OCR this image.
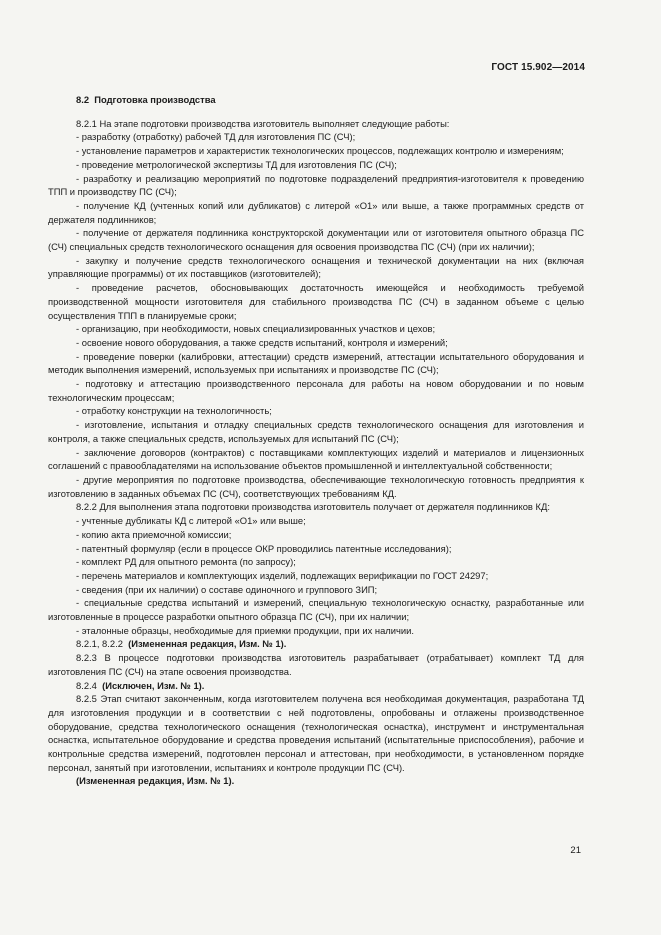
ГОСТ 15.902—2014

8.2 Подготовка производства

8.2.1 На этапе подготовки производства изготовитель выполняет следующие работы:

- разработку (отработку) рабочей ТД для изготовления ПС (СЧ);

- установление параметров и характеристик технологических процессов, подлежащих контролю и измерениям;

- проведение метрологической экспертизы ТД для изготовления ПС (СЧ);

- разработку и реализацию мероприятий по подготовке подразделений предприятия-изготовителя к проведению ТПП и производству ПС (СЧ);

- получение КД (учтенных копий или дубликатов) с литерой «О1» или выше, а также программных средств от держателя подлинников;

- получение от держателя подлинника конструкторской документации или от изготовителя опытного образца ПС (СЧ) специальных средств технологического оснащения для освоения производства ПС (СЧ) (при их наличии);

- закупку и получение средств технологического оснащения и технической документации на них (включая управляющие программы) от их поставщиков (изготовителей);

- проведение расчетов, обосновывающих достаточность имеющейся и необходимость требуемой производственной мощности изготовителя для стабильного производства ПС (СЧ) в заданном объеме с целью осуществления ТПП в планируемые сроки;

- организацию, при необходимости, новых специализированных участков и цехов;

- освоение нового оборудования, а также средств испытаний, контроля и измерений;

- проведение поверки (калибровки, аттестации) средств измерений, аттестации испытательного оборудования и методик выполнения измерений, используемых при испытаниях и производстве ПС (СЧ);

- подготовку и аттестацию производственного персонала для работы на новом оборудовании и по новым технологическим процессам;

- отработку конструкции на технологичность;

- изготовление, испытания и отладку специальных средств технологического оснащения для изготовления и контроля, а также специальных средств, используемых для испытаний ПС (СЧ);

- заключение договоров (контрактов) с поставщиками комплектующих изделий и материалов и лицензионных соглашений с правообладателями на использование объектов промышленной и интеллектуальной собственности;

- другие мероприятия по подготовке производства, обеспечивающие технологическую готовность предприятия к изготовлению в заданных объемах ПС (СЧ), соответствующих требованиям КД.

8.2.2 Для выполнения этапа подготовки производства изготовитель получает от держателя подлинников КД:

- учтенные дубликаты КД с литерой «О1» или выше;

- копию акта приемочной комиссии;

- патентный формуляр (если в процессе ОКР проводились патентные исследования);

- комплект РД для опытного ремонта (по запросу);

- перечень материалов и комплектующих изделий, подлежащих верификации по ГОСТ 24297;

- сведения (при их наличии) о составе одиночного и группового ЗИП;

- специальные средства испытаний и измерений, специальную технологическую оснастку, разработанные или изготовленные в процессе разработки опытного образца ПС (СЧ), при их наличии;

- эталонные образцы, необходимые для приемки продукции, при их наличии.

8.2.1, 8.2.2 (Измененная редакция, Изм. № 1).

8.2.3 В процессе подготовки производства изготовитель разрабатывает (отрабатывает) комплект ТД для изготовления ПС (СЧ) на этапе освоения производства.

8.2.4 (Исключен, Изм. № 1).

8.2.5 Этап считают законченным, когда изготовителем получена вся необходимая документация, разработана ТД для изготовления продукции и в соответствии с ней подготовлены, опробованы и отлажены производственное оборудование, средства технологического оснащения (технологическая оснастка), инструмент и инструментальная оснастка, испытательное оборудование и средства проведения испытаний (испытательные приспособления), рабочие и контрольные средства измерений, подготовлен персонал и аттестован, при необходимости, в установленном порядке персонал, занятый при изготовлении, испытаниях и контроле продукции ПС (СЧ).

(Измененная редакция, Изм. № 1).

21
